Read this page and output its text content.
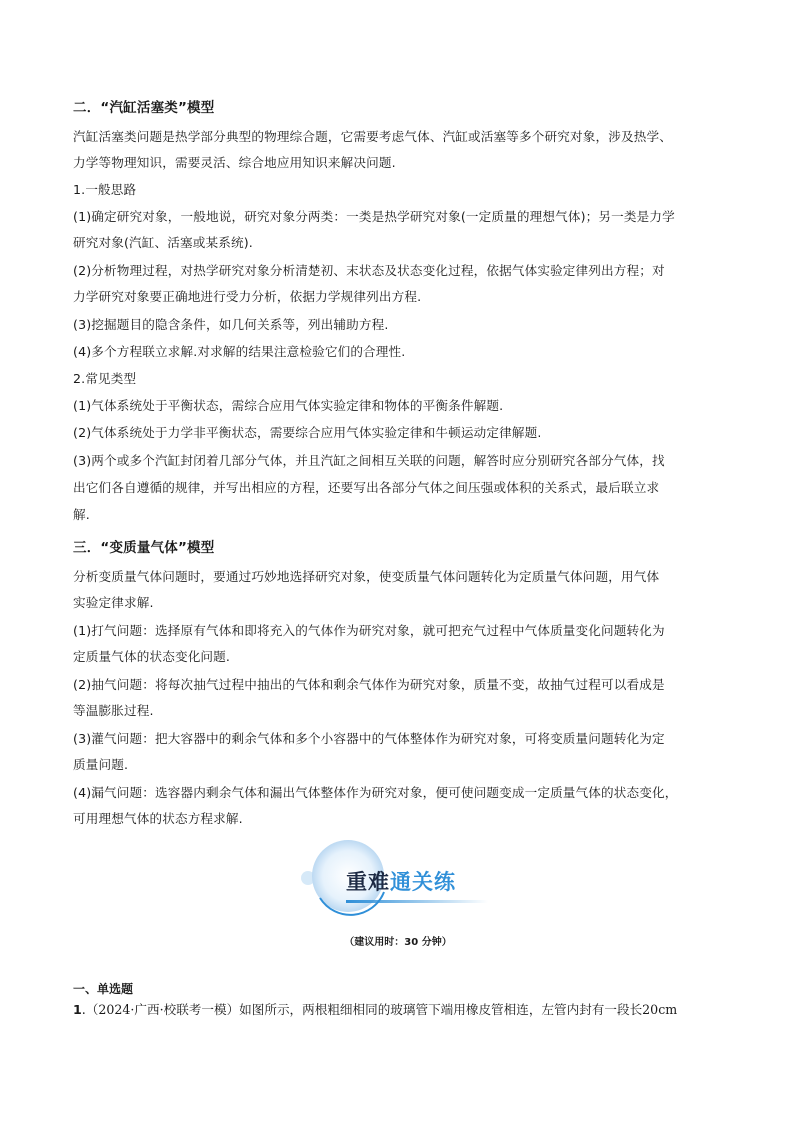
二．“汽缸活塞类”模型
汽缸活塞类问题是热学部分典型的物理综合题，它需要考虑气体、汽缸或活塞等多个研究对象，涉及热学、
力学等物理知识，需要灵活、综合地应用知识来解决问题.
1.一般思路
(1)确定研究对象，一般地说，研究对象分两类：一类是热学研究对象(一定质量的理想气体)；另一类是力学
研究对象(汽缸、活塞或某系统).
(2)分析物理过程，对热学研究对象分析清楚初、末状态及状态变化过程，依据气体实验定律列出方程；对
力学研究对象要正确地进行受力分析，依据力学规律列出方程.
(3)挖掘题目的隐含条件，如几何关系等，列出辅助方程.
(4)多个方程联立求解.对求解的结果注意检验它们的合理性.
2.常见类型
(1)气体系统处于平衡状态，需综合应用气体实验定律和物体的平衡条件解题.
(2)气体系统处于力学非平衡状态，需要综合应用气体实验定律和牛顿运动定律解题.
(3)两个或多个汽缸封闭着几部分气体，并且汽缸之间相互关联的问题，解答时应分别研究各部分气体，找
出它们各自遵循的规律，并写出相应的方程，还要写出各部分气体之间压强或体积的关系式，最后联立求
解.
三．“变质量气体”模型
分析变质量气体问题时，要通过巧妙地选择研究对象，使变质量气体问题转化为定质量气体问题，用气体
实验定律求解.
(1)打气问题：选择原有气体和即将充入的气体作为研究对象，就可把充气过程中气体质量变化问题转化为
定质量气体的状态变化问题.
(2)抽气问题：将每次抽气过程中抽出的气体和剩余气体作为研究对象，质量不变，故抽气过程可以看成是
等温膨胀过程.
(3)灌气问题：把大容器中的剩余气体和多个小容器中的气体整体作为研究对象，可将变质量问题转化为定
质量问题.
(4)漏气问题：选容器内剩余气体和漏出气体整体作为研究对象，便可使问题变成一定质量气体的状态变化，
可用理想气体的状态方程求解.
（建议用时：30 分钟）
一、单选题
1.（2024·广西·校联考一模）如图所示，两根粗细相同的玻璃管下端用橡皮管相连，左管内封有一段长20cm
重难通关练
